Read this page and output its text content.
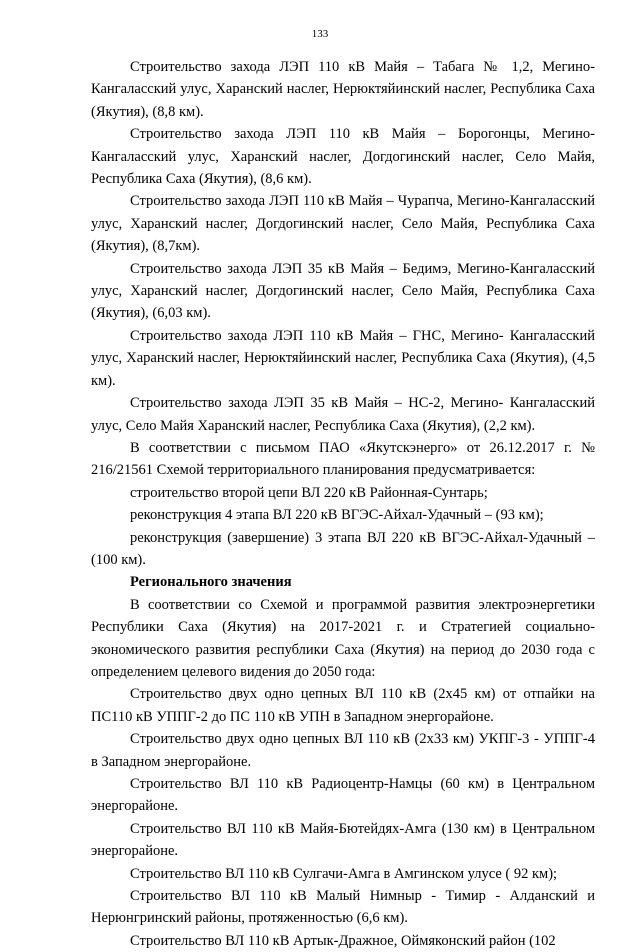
133

Строительство захода ЛЭП 110 кВ Майя – Табага № 1,2, Мегино-Кангаласский улус, Харанский наслег, Нерюктяйинский наслег, Республика Саха (Якутия), (8,8 км).

Строительство захода ЛЭП 110 кВ Майя – Борогонцы, Мегино-Кангаласский улус, Харанский наслег, Догдогинский наслег, Село Майя, Республика Саха (Якутия), (8,6 км).

Строительство захода ЛЭП 110 кВ Майя – Чурапча, Мегино-Кангаласский улус, Харанский наслег, Догдогинский наслег, Село Майя, Республика Саха (Якутия), (8,7км).

Строительство захода ЛЭП 35 кВ Майя – Бедимэ, Мегино-Кангаласский улус, Харанский наслег, Догдогинский наслег, Село Майя, Республика Саха (Якутия), (6,03 км).

Строительство захода ЛЭП 110 кВ Майя – ГНС, Мегино- Кангаласский улус, Харанский наслег, Нерюктяйинский наслег, Республика Саха (Якутия), (4,5 км).

Строительство захода ЛЭП 35 кВ Майя – НС-2, Мегино- Кангаласский улус, Село Майя Харанский наслег, Республика Саха (Якутия), (2,2 км).

В соответствии с письмом ПАО «Якутскэнерго» от 26.12.2017 г. № 216/21561 Схемой территориального планирования предусматривается:

строительство второй цепи ВЛ 220 кВ Районная-Сунтарь;

реконструкция 4 этапа ВЛ 220 кВ ВГЭС-Айхал-Удачный – (93 км);

реконструкция (завершение) 3 этапа ВЛ 220 кВ ВГЭС-Айхал-Удачный – (100 км).

Регионального значения

В соответствии со Схемой и программой развития электроэнергетики Республики Саха (Якутия) на 2017-2021 г. и Стратегией социально-экономического развития республики Саха (Якутия) на период до 2030 года с определением целевого видения до 2050 года:

Строительство двух одно цепных ВЛ 110 кВ (2х45 км) от отпайки на ПС110 кВ УППГ-2 до ПС 110 кВ УПН в Западном энергорайоне.

Строительство двух одно цепных ВЛ 110 кВ (2х33 км) УКПГ-3 - УППГ-4 в Западном энергорайоне.

Строительство ВЛ 110 кВ Радиоцентр-Намцы (60 км) в Центральном энергорайоне.

Строительство ВЛ 110 кВ Майя-Бютейдях-Амга (130 км) в Центральном энергорайоне.

Строительство ВЛ 110 кВ Сулгачи-Амга в Амгинском улусе ( 92 км);

Строительство ВЛ 110 кВ Малый Нимныр - Тимир - Алданский и Нерюнгринский районы, протяженностью (6,6 км).

Строительство ВЛ 110 кВ Артык-Дражное, Оймяконский район (102
